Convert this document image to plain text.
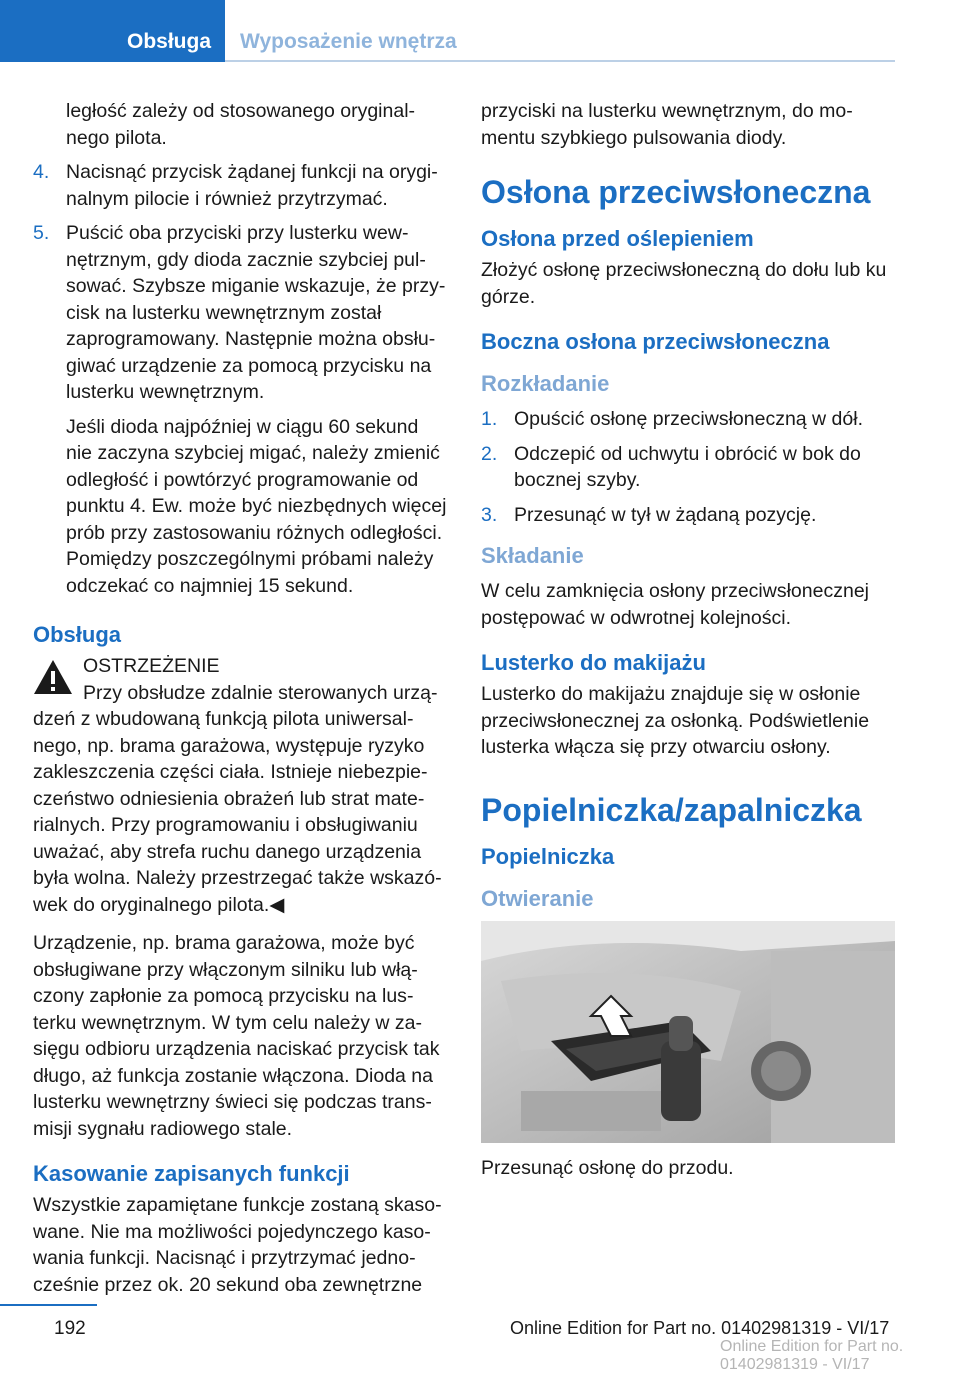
Obsługa Wyposażenie wnętrza

ległość zależy od stosowanego oryginalnego pilota.

4. Nacisnąć przycisk żądanej funkcji na oryginalnym pilocie i również przytrzymać.
5. Puścić oba przyciski przy lusterku wewnętrznym, gdy dioda zacznie szybciej pulsować. Szybsze miganie wskazuje, że przycisk na lusterku wewnętrznym został zaprogramowany. Następnie można obsługiwać urządzenie za pomocą przycisku na lusterku wewnętrznym.

Jeśli dioda najpóźniej w ciągu 60 sekund nie zaczyna szybciej migać, należy zmienić odległość i powtórzyć programowanie od punktu 4. Ew. może być niezbędnych więcej prób przy zastosowaniu różnych odległości. Pomiędzy poszczególnymi próbami należy odczekać co najmniej 15 sekund.

Obsługa
OSTRZEŻENIE
Przy obsłudze zdalnie sterowanych urządzeń z wbudowaną funkcją pilota uniwersalnego, np. brama garażowa, występuje ryzyko zakleszczenia części ciała. Istnieje niebezpieczeństwo odniesienia obrażeń lub strat materialnych. Przy programowaniu i obsługiwaniu uważać, aby strefa ruchu danego urządzenia była wolna. Należy przestrzegać także wskazówek do oryginalnego pilota.◀

Urządzenie, np. brama garażowa, może być obsługiwane przy włączonym silniku lub włączony zapłonie za pomocą przycisku na lusterku wewnętrznym. W tym celu należy w zasięgu odbioru urządzenia naciskać przycisk tak długo, aż funkcja zostanie włączona. Dioda na lusterku wewnętrzny świeci się podczas transmisji sygnału radiowego stale.

Kasowanie zapisanych funkcji

Wszystkie zapamiętane funkcje zostaną skasowane. Nie ma możliwości pojedynczego kasowania funkcji. Nacisnąć i przytrzymać jednocześnie przez ok. 20 sekund oba zewnętrzne

przyciski na lusterku wewnętrznym, do momentu szybkiego pulsowania diody.

Osłona przeciwsłoneczna
Osłona przed oślepieniem

Złożyć osłonę przeciwsłoneczną do dołu lub ku górze.

Boczna osłona przeciwsłoneczna
Rozkładanie
1. Opuścić osłonę przeciwsłoneczną w dół.
2. Odczepić od uchwytu i obrócić w bok do bocznej szyby.
3. Przesunąć w tył w żądaną pozycję.
Składanie

W celu zamknięcia osłony przeciwsłonecznej postępować w odwrotnej kolejności.

Lusterko do makijażu

Lusterko do makijażu znajduje się w osłonie przeciwsłonecznej za osłonką. Podświetlenie lusterka włącza się przy otwarciu osłony.

Popielniczka/zapalniczka
Popielniczka
Otwieranie

Przesunąć osłonę do przodu.

192	Online Edition for Part no. 01402981319 - VI/17
Online Edition for Part no. 01402981319 - VI/17
